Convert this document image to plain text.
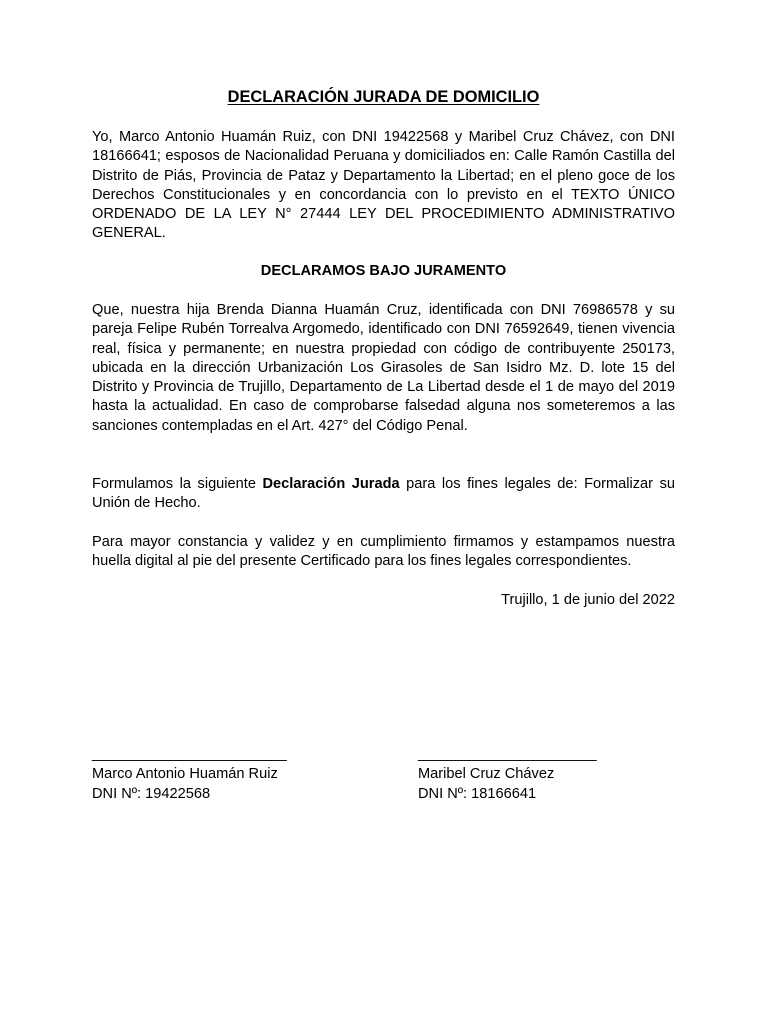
DECLARACIÓN JURADA DE DOMICILIO

Yo, Marco Antonio Huamán Ruiz, con DNI 19422568 y Maribel Cruz Chávez, con DNI 18166641; esposos de Nacionalidad Peruana y domiciliados en: Calle Ramón Castilla del Distrito de Piás, Provincia de Pataz y Departamento la Libertad; en el pleno goce de los Derechos Constitucionales y en concordancia con lo previsto en el TEXTO ÚNICO ORDENADO DE LA LEY N° 27444 LEY DEL PROCEDIMIENTO ADMINISTRATIVO GENERAL.

DECLARAMOS BAJO JURAMENTO

Que, nuestra hija Brenda Dianna Huamán Cruz, identificada con DNI 76986578 y su pareja Felipe Rubén Torrealva Argomedo, identificado con DNI 76592649, tienen vivencia real, física y permanente; en nuestra propiedad con código de contribuyente 250173, ubicada en la dirección Urbanización Los Girasoles de San Isidro Mz. D. lote 15 del Distrito y Provincia de Trujillo, Departamento de La Libertad desde el 1 de mayo del 2019 hasta la actualidad. En caso de comprobarse falsedad alguna nos someteremos a las sanciones contempladas en el Art. 427° del Código Penal.

Formulamos la siguiente Declaración Jurada para los fines legales de: Formalizar su Unión de Hecho.

Para mayor constancia y validez y en cumplimiento firmamos y estampamos nuestra huella digital al pie del presente Certificado para los fines legales correspondientes.

Trujillo, 1 de junio del 2022
________________________
Marco Antonio Huamán Ruiz
DNI Nº: 19422568
______________________
Maribel Cruz Chávez
DNI Nº: 18166641
